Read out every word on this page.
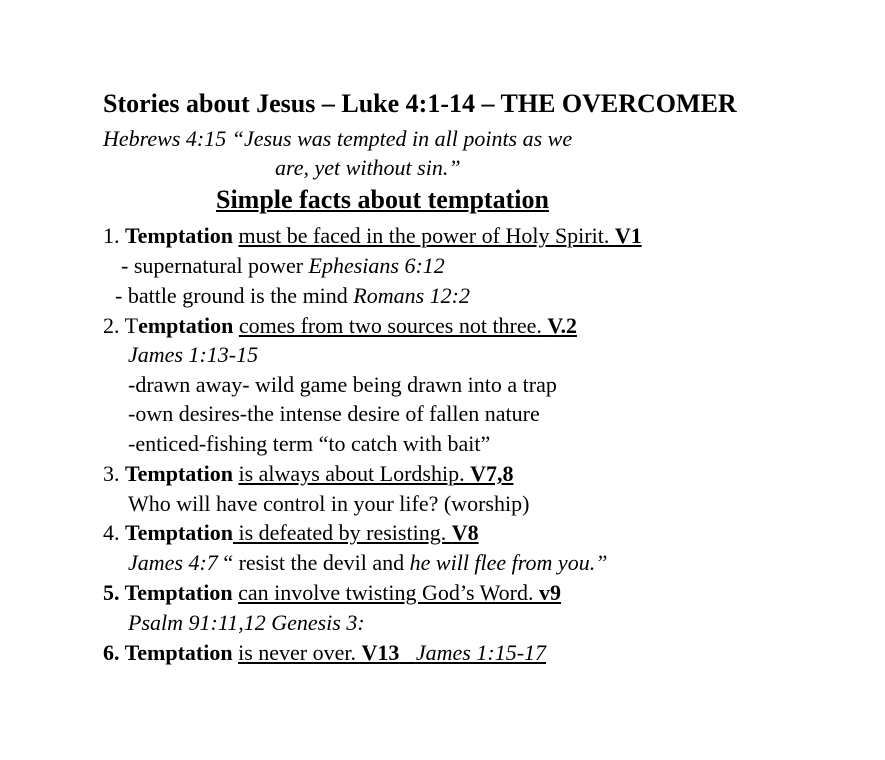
Stories about Jesus – Luke 4:1-14 – THE OVERCOMER
Hebrews 4:15 “Jesus was tempted in all points as we
are, yet without sin.”
Simple facts about temptation
1. Temptation must be faced in the power of Holy Spirit. V1
- supernatural power Ephesians 6:12
- battle ground is the mind Romans 12:2
2. Temptation comes from two sources not three. V.2
James 1:13-15
-drawn away- wild game being drawn into a trap
-own desires-the intense desire of fallen nature
-enticed-fishing term “to catch with bait”
3. Temptation is always about Lordship. V7,8
Who will have control in your life? (worship)
4. Temptation is defeated by resisting. V8
James 4:7 “ resist the devil and he will flee from you.”
5. Temptation can involve twisting God’s Word. v9
Psalm 91:11,12 Genesis 3:
6. Temptation is never over. V13 James 1:15-17
